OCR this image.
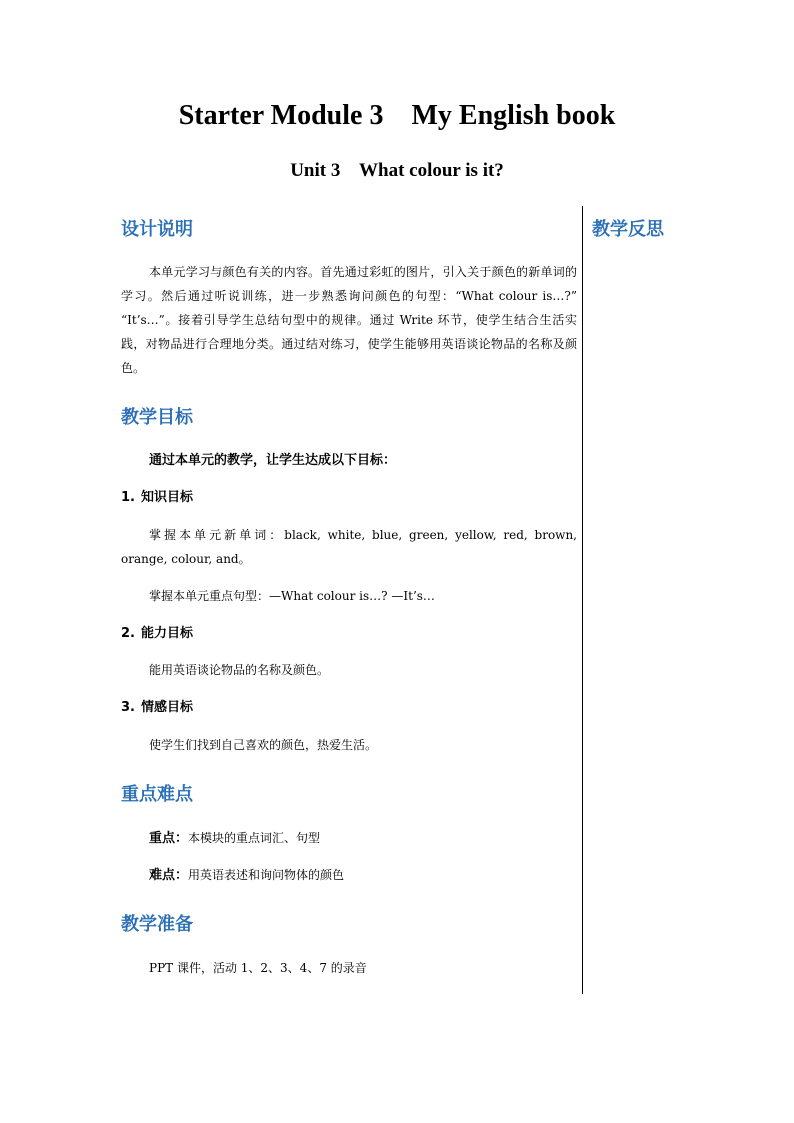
Starter Module 3    My English book
Unit 3    What colour is it?
教学反思
设计说明
本单元学习与颜色有关的内容。首先通过彩虹的图片，引入关于颜色的新单词的学习。然后通过听说训练，进一步熟悉询问颜色的句型：“What colour is…?” “It’s…”。接着引导学生总结句型中的规律。通过 Write 环节，使学生结合生活实践，对物品进行合理地分类。通过结对练习，使学生能够用英语谈论物品的名称及颜色。
教学目标
通过本单元的教学，让学生达成以下目标：
1. 知识目标
掌握本单元新单词：black, white, blue, green, yellow, red, brown, orange, colour, and。
掌握本单元重点句型：—What colour is…? —It’s…
2. 能力目标
能用英语谈论物品的名称及颜色。
3. 情感目标
使学生们找到自己喜欢的颜色，热爱生活。
重点难点
重点：本模块的重点词汇、句型
难点：用英语表述和询问物体的颜色
教学准备
PPT 课件，活动 1、2、3、4、7 的录音
